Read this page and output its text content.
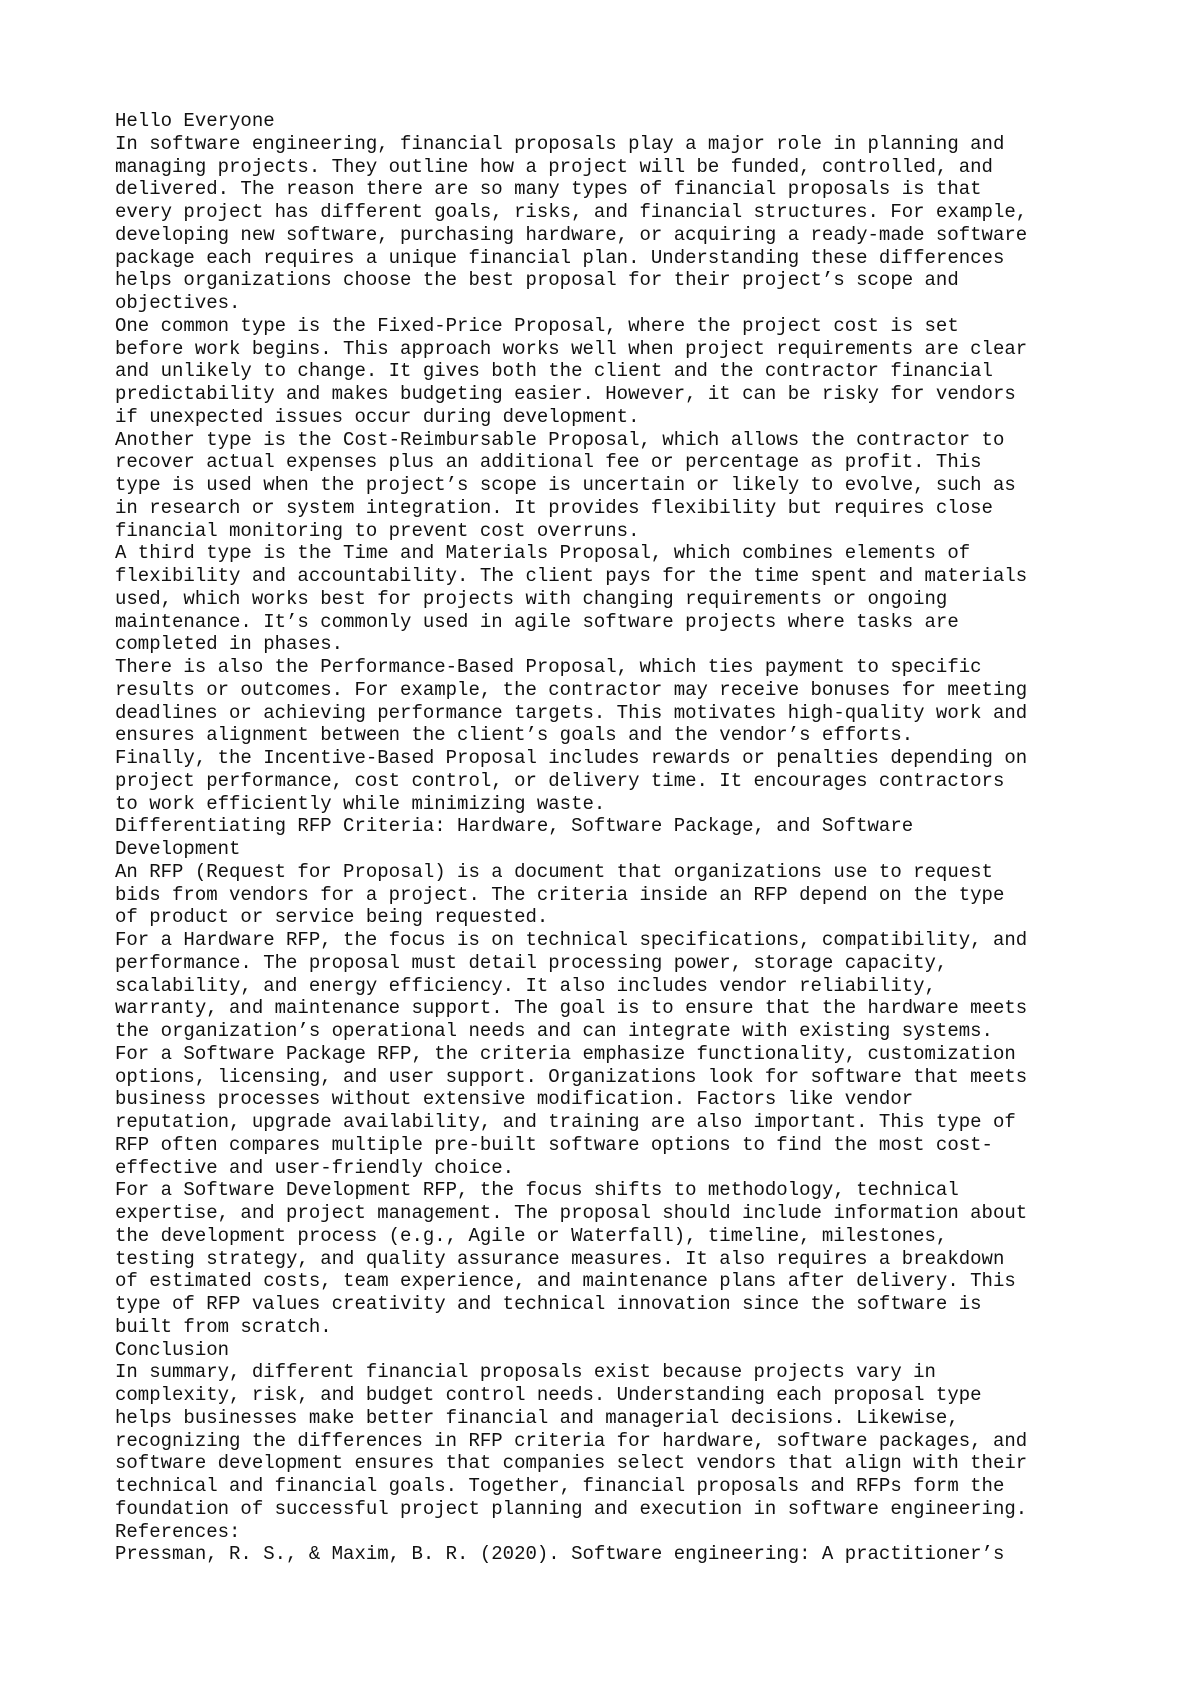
Hello Everyone
In software engineering, financial proposals play a major role in planning and
managing projects. They outline how a project will be funded, controlled, and
delivered. The reason there are so many types of financial proposals is that
every project has different goals, risks, and financial structures. For example,
developing new software, purchasing hardware, or acquiring a ready-made software
package each requires a unique financial plan. Understanding these differences
helps organizations choose the best proposal for their project’s scope and
objectives.
One common type is the Fixed-Price Proposal, where the project cost is set
before work begins. This approach works well when project requirements are clear
and unlikely to change. It gives both the client and the contractor financial
predictability and makes budgeting easier. However, it can be risky for vendors
if unexpected issues occur during development.
Another type is the Cost-Reimbursable Proposal, which allows the contractor to
recover actual expenses plus an additional fee or percentage as profit. This
type is used when the project’s scope is uncertain or likely to evolve, such as
in research or system integration. It provides flexibility but requires close
financial monitoring to prevent cost overruns.
A third type is the Time and Materials Proposal, which combines elements of
flexibility and accountability. The client pays for the time spent and materials
used, which works best for projects with changing requirements or ongoing
maintenance. It’s commonly used in agile software projects where tasks are
completed in phases.
There is also the Performance-Based Proposal, which ties payment to specific
results or outcomes. For example, the contractor may receive bonuses for meeting
deadlines or achieving performance targets. This motivates high-quality work and
ensures alignment between the client’s goals and the vendor’s efforts.
Finally, the Incentive-Based Proposal includes rewards or penalties depending on
project performance, cost control, or delivery time. It encourages contractors
to work efficiently while minimizing waste.
Differentiating RFP Criteria: Hardware, Software Package, and Software
Development
An RFP (Request for Proposal) is a document that organizations use to request
bids from vendors for a project. The criteria inside an RFP depend on the type
of product or service being requested.
For a Hardware RFP, the focus is on technical specifications, compatibility, and
performance. The proposal must detail processing power, storage capacity,
scalability, and energy efficiency. It also includes vendor reliability,
warranty, and maintenance support. The goal is to ensure that the hardware meets
the organization’s operational needs and can integrate with existing systems.
For a Software Package RFP, the criteria emphasize functionality, customization
options, licensing, and user support. Organizations look for software that meets
business processes without extensive modification. Factors like vendor
reputation, upgrade availability, and training are also important. This type of
RFP often compares multiple pre-built software options to find the most cost-
effective and user-friendly choice.
For a Software Development RFP, the focus shifts to methodology, technical
expertise, and project management. The proposal should include information about
the development process (e.g., Agile or Waterfall), timeline, milestones,
testing strategy, and quality assurance measures. It also requires a breakdown
of estimated costs, team experience, and maintenance plans after delivery. This
type of RFP values creativity and technical innovation since the software is
built from scratch.
Conclusion
In summary, different financial proposals exist because projects vary in
complexity, risk, and budget control needs. Understanding each proposal type
helps businesses make better financial and managerial decisions. Likewise,
recognizing the differences in RFP criteria for hardware, software packages, and
software development ensures that companies select vendors that align with their
technical and financial goals. Together, financial proposals and RFPs form the
foundation of successful project planning and execution in software engineering.
References:
Pressman, R. S., & Maxim, B. R. (2020). Software engineering: A practitioner’s
